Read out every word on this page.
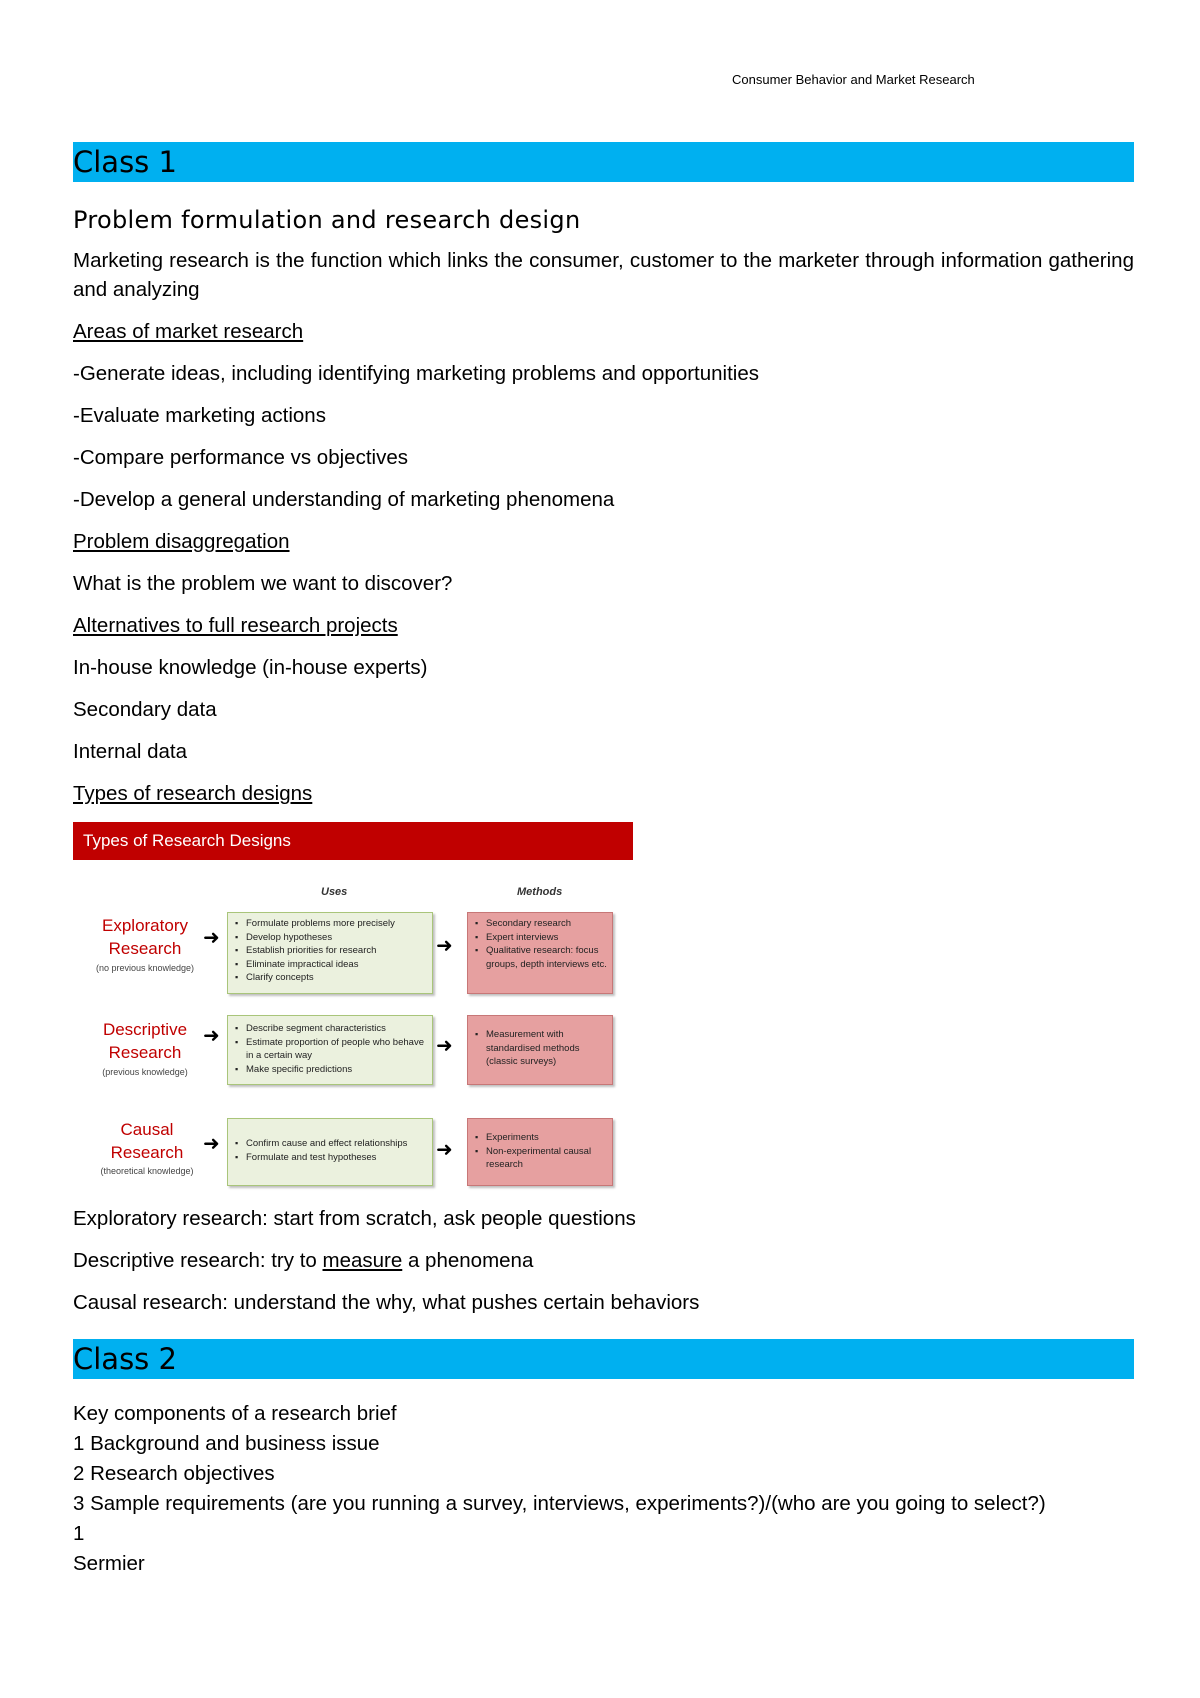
Consumer Behavior and Market Research
Class 1
Problem formulation and research design
Marketing research is the function which links the consumer, customer to the marketer through information gathering and analyzing
Areas of market research
-Generate ideas, including identifying marketing problems and opportunities
-Evaluate marketing actions
-Compare performance vs objectives
-Develop a general understanding of marketing phenomena
Problem disaggregation
What is the problem we want to discover?
Alternatives to full research projects
In-house knowledge (in-house experts)
Secondary data
Internal data
Types of research designs
Types of Research Designs
Uses	Methods
Exploratory
Research
(no previous knowledge)
➜
▪ Formulate problems more precisely
▪ Develop hypotheses
▪ Establish priorities for research
▪ Eliminate impractical ideas
▪ Clarify concepts
➜
▪ Secondary research
▪ Expert interviews
▪ Qualitative research: focus groups, depth interviews etc.
Descriptive
Research
(previous knowledge)
➜	▪ Describe segment characteristics
▪ Estimate proportion of people who behave in a certain way
▪ Make specific predictions
➜
▪ Measurement with standardised methods (classic surveys)
Causal
Research
(theoretical knowledge)
➜	▪ Confirm cause and effect relationships
▪ Formulate and test hypotheses	➜
▪ Experiments
▪ Non-experimental causal research
Exploratory research: start from scratch, ask people questions
Descriptive research: try to measure a phenomena
Causal research: understand the why, what pushes certain behaviors
Class 2
Key components of a research brief
1 Background and business issue
2 Research objectives
3 Sample requirements (are you running a survey, interviews, experiments?)/(who are you going to select?)
1
Sermier
